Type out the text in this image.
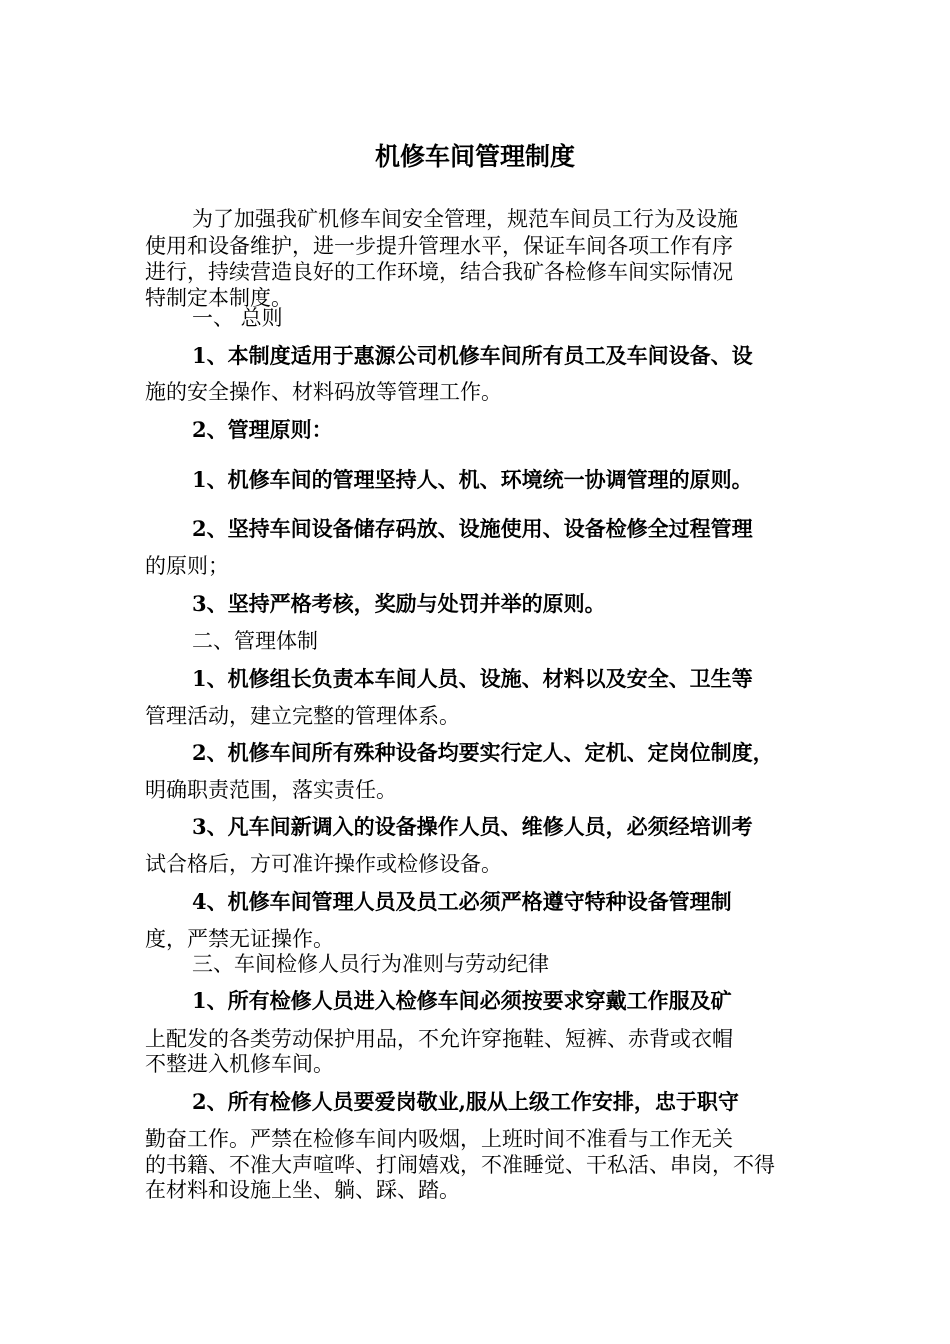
机修车间管理制度
为了加强我矿机修车间安全管理，规范车间员工行为及设施
使用和设备维护，进一步提升管理水平，保证车间各项工作有序
进行，持续营造良好的工作环境，结合我矿各检修车间实际情况
特制定本制度。
一、 总则
1、本制度适用于惠源公司机修车间所有员工及车间设备、设
施的安全操作、材料码放等管理工作。
2、管理原则：
1、机修车间的管理坚持人、机、环境统一协调管理的原则。
2、坚持车间设备储存码放、设施使用、设备检修全过程管理
的原则；
3、坚持严格考核，奖励与处罚并举的原则。
二、管理体制
1、机修组长负责本车间人员、设施、材料以及安全、卫生等
管理活动，建立完整的管理体系。
2、机修车间所有殊种设备均要实行定人、定机、定岗位制度，
明确职责范围，落实责任。
3、凡车间新调入的设备操作人员、维修人员，必须经培训考
试合格后，方可准许操作或检修设备。
4、机修车间管理人员及员工必须严格遵守特种设备管理制
度，严禁无证操作。
三、车间检修人员行为准则与劳动纪律
1、所有检修人员进入检修车间必须按要求穿戴工作服及矿
上配发的各类劳动保护用品，不允许穿拖鞋、短裤、赤背或衣帽
不整进入机修车间。
2、所有检修人员要爱岗敬业,服从上级工作安排，忠于职守
勤奋工作。严禁在检修车间内吸烟，上班时间不准看与工作无关
的书籍、不准大声喧哗、打闹嬉戏，不准睡觉、干私活、串岗，不得
在材料和设施上坐、躺、踩、踏。
